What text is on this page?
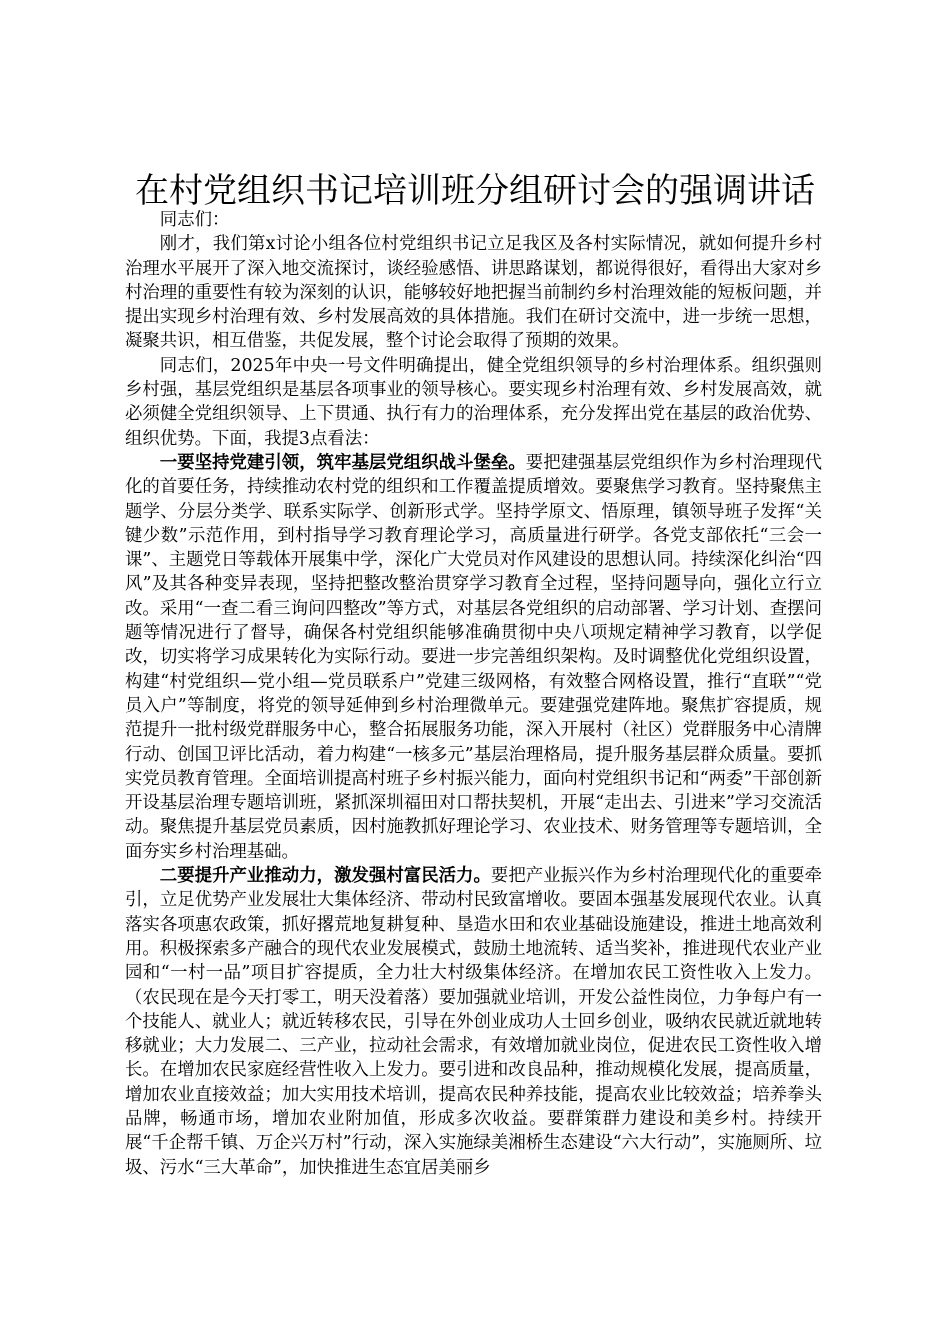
在村党组织书记培训班分组研讨会的强调讲话

同志们：

刚才，我们第x讨论小组各位村党组织书记立足我区及各村实际情况，就如何提升乡村治理水平展开了深入地交流探讨，谈经验感悟、讲思路谋划，都说得很好，看得出大家对乡村治理的重要性有较为深刻的认识，能够较好地把握当前制约乡村治理效能的短板问题，并提出实现乡村治理有效、乡村发展高效的具体措施。我们在研讨交流中，进一步统一思想，凝聚共识，相互借鉴，共促发展，整个讨论会取得了预期的效果。

同志们，2025年中央一号文件明确提出，健全党组织领导的乡村治理体系。组织强则乡村强，基层党组织是基层各项事业的领导核心。要实现乡村治理有效、乡村发展高效，就必须健全党组织领导、上下贯通、执行有力的治理体系，充分发挥出党在基层的政治优势、组织优势。下面，我提3点看法：

一要坚持党建引领，筑牢基层党组织战斗堡垒。要把建强基层党组织作为乡村治理现代化的首要任务，持续推动农村党的组织和工作覆盖提质增效。要聚焦学习教育。坚持聚焦主题学、分层分类学、联系实际学、创新形式学。坚持学原文、悟原理，镇领导班子发挥“关键少数”示范作用，到村指导学习教育理论学习，高质量进行研学。各党支部依托“三会一课”、主题党日等载体开展集中学，深化广大党员对作风建设的思想认同。持续深化纠治“四风”及其各种变异表现，坚持把整改整治贯穿学习教育全过程，坚持问题导向，强化立行立改。采用“一查二看三询问四整改”等方式，对基层各党组织的启动部署、学习计划、查摆问题等情况进行了督导，确保各村党组织能够准确贯彻中央八项规定精神学习教育，以学促改，切实将学习成果转化为实际行动。要进一步完善组织架构。及时调整优化党组织设置，构建“村党组织—党小组—党员联系户”党建三级网格，有效整合网格设置，推行“直联”“党员入户”等制度，将党的领导延伸到乡村治理微单元。要建强党建阵地。聚焦扩容提质，规范提升一批村级党群服务中心，整合拓展服务功能，深入开展村（社区）党群服务中心清牌行动、创国卫评比活动，着力构建“一核多元”基层治理格局，提升服务基层群众质量。要抓实党员教育管理。全面培训提高村班子乡村振兴能力，面向村党组织书记和“两委”干部创新开设基层治理专题培训班，紧抓深圳福田对口帮扶契机，开展“走出去、引进来”学习交流活动。聚焦提升基层党员素质，因村施教抓好理论学习、农业技术、财务管理等专题培训，全面夯实乡村治理基础。

二要提升产业推动力，激发强村富民活力。要把产业振兴作为乡村治理现代化的重要牵引，立足优势产业发展壮大集体经济、带动村民致富增收。要固本强基发展现代农业。认真落实各项惠农政策，抓好撂荒地复耕复种、垦造水田和农业基础设施建设，推进土地高效利用。积极探索多产融合的现代农业发展模式，鼓励土地流转、适当奖补，推进现代农业产业园和“一村一品”项目扩容提质，全力壮大村级集体经济。在增加农民工资性收入上发力。（农民现在是今天打零工，明天没着落）要加强就业培训，开发公益性岗位，力争每户有一个技能人、就业人；就近转移农民，引导在外创业成功人士回乡创业，吸纳农民就近就地转移就业；大力发展二、三产业，拉动社会需求，有效增加就业岗位，促进农民工资性收入增长。在增加农民家庭经营性收入上发力。要引进和改良品种，推动规模化发展，提高质量，增加农业直接效益；加大实用技术培训，提高农民种养技能，提高农业比较效益；培养拳头品牌，畅通市场，增加农业附加值，形成多次收益。要群策群力建设和美乡村。持续开展“千企帮千镇、万企兴万村”行动，深入实施绿美湘桥生态建设“六大行动”，实施厕所、垃圾、污水“三大革命”，加快推进生态宜居美丽乡
